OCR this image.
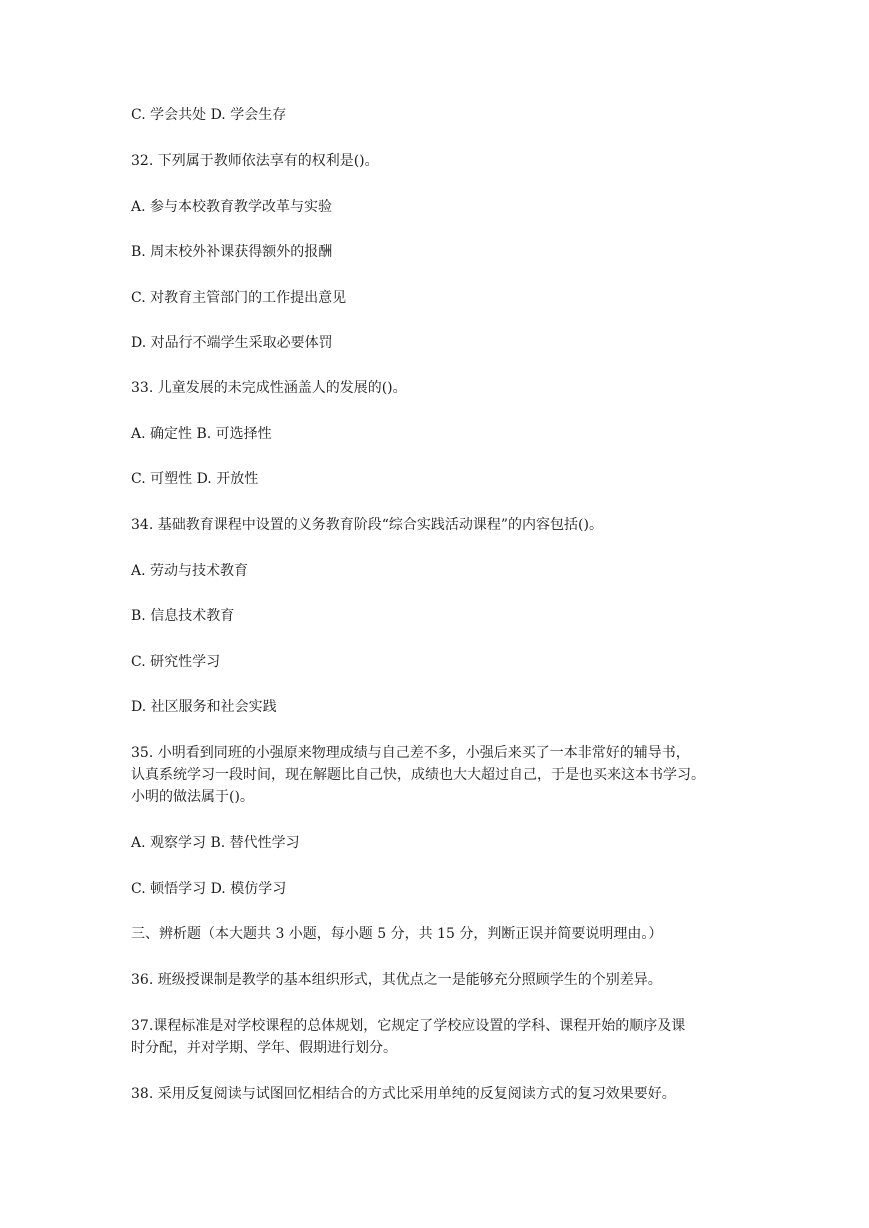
C. 学会共处 D. 学会生存
32. 下列属于教师依法享有的权利是()。
A. 参与本校教育教学改革与实验
B. 周末校外补课获得额外的报酬
C. 对教育主管部门的工作提出意见
D. 对品行不端学生采取必要体罚
33. 儿童发展的未完成性涵盖人的发展的()。
A. 确定性 B. 可选择性
C. 可塑性 D. 开放性
34. 基础教育课程中设置的义务教育阶段“综合实践活动课程”的内容包括()。
A. 劳动与技术教育
B. 信息技术教育
C. 研究性学习
D. 社区服务和社会实践
35. 小明看到同班的小强原来物理成绩与自己差不多，小强后来买了一本非常好的辅导书，
认真系统学习一段时间，现在解题比自己快，成绩也大大超过自己，于是也买来这本书学习。
小明的做法属于()。
A. 观察学习 B. 替代性学习
C. 顿悟学习 D. 模仿学习
三、辨析题（本大题共 3 小题，每小题 5 分，共 15 分，判断正误并简要说明理由。）
36. 班级授课制是教学的基本组织形式，其优点之一是能够充分照顾学生的个别差异。
37.课程标准是对学校课程的总体规划，它规定了学校应设置的学科、课程开始的顺序及课
时分配，并对学期、学年、假期进行划分。
38. 采用反复阅读与试图回忆相结合的方式比采用单纯的反复阅读方式的复习效果要好。
